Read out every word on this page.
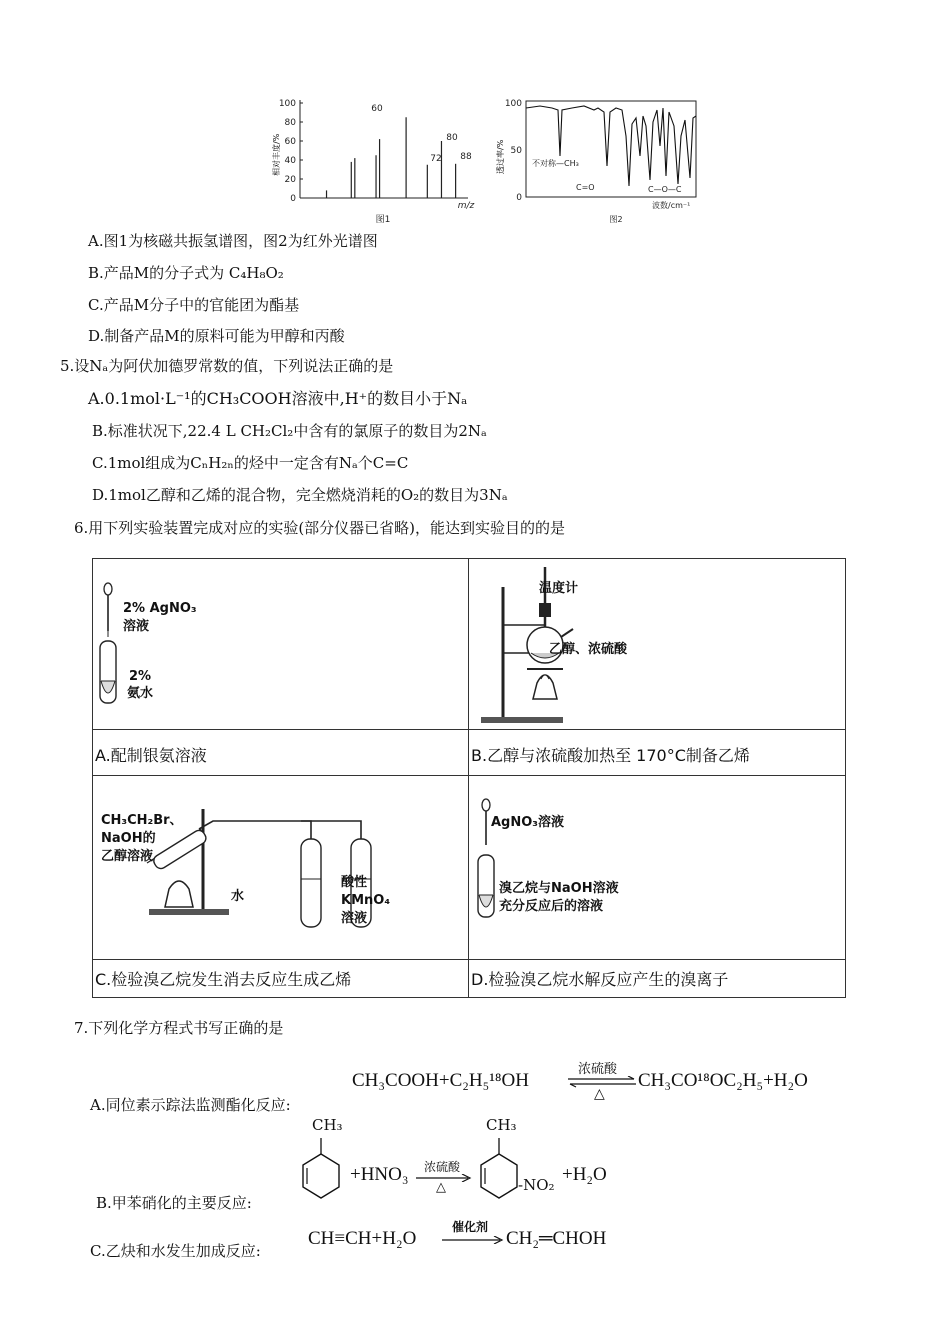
100
80
60
40
20
0
相对丰度/%
60
72
80
88
m/z
图1
透过率/%
100
50
0
不对称—CH₃
C=O	C—O—C
波数/cm⁻¹
图2
A.图1为核磁共振氢谱图，图2为红外光谱图
B.产品M的分子式为 C₄H₈O₂
C.产品M分子中的官能团为酯基
D.制备产品M的原料可能为甲醇和丙酸
5.设Nₐ为阿伏加德罗常数的值，下列说法正确的是
A.0.1mol·L⁻¹的CH₃COOH溶液中,H⁺的数目小于Nₐ
B.标准状况下,22.4 L CH₂Cl₂中含有的氯原子的数目为2Nₐ
C.1mol组成为CₙH₂ₙ的烃中一定含有Nₐ个C=C
D.1mol乙醇和乙烯的混合物，完全燃烧消耗的O₂的数目为3Nₐ
6.用下列实验装置完成对应的实验(部分仪器已省略)，能达到实验目的的是
2% AgNO₃
溶液
2%
氨水
A.配制银氨溶液
温度计
乙醇、浓硫酸
B.乙醇与浓硫酸加热至 170°C制备乙烯
CH₃CH₂Br、
NaOH的
乙醇溶液
水
酸性
KMnO₄
溶液
C.检验溴乙烷发生消去反应生成乙烯
AgNO₃溶液
溴乙烷与NaOH溶液
充分反应后的溶液
D.检验溴乙烷水解反应产生的溴离子
7.下列化学方程式书写正确的是
A.同位素示踪法监测酯化反应:
CH₃COOH+C₂H₅¹⁸OH
浓硫酸
△
CH₃CO¹⁸OC₂H₅+H₂O
B.甲苯硝化的主要反应:
CH₃
+HNO₃ 浓硫酸
△
CH₃
-NO₂ +H₂O
C.乙炔和水发生加成反应:
CH≡CH+H₂O
催化剂
CH₂═CHOH
